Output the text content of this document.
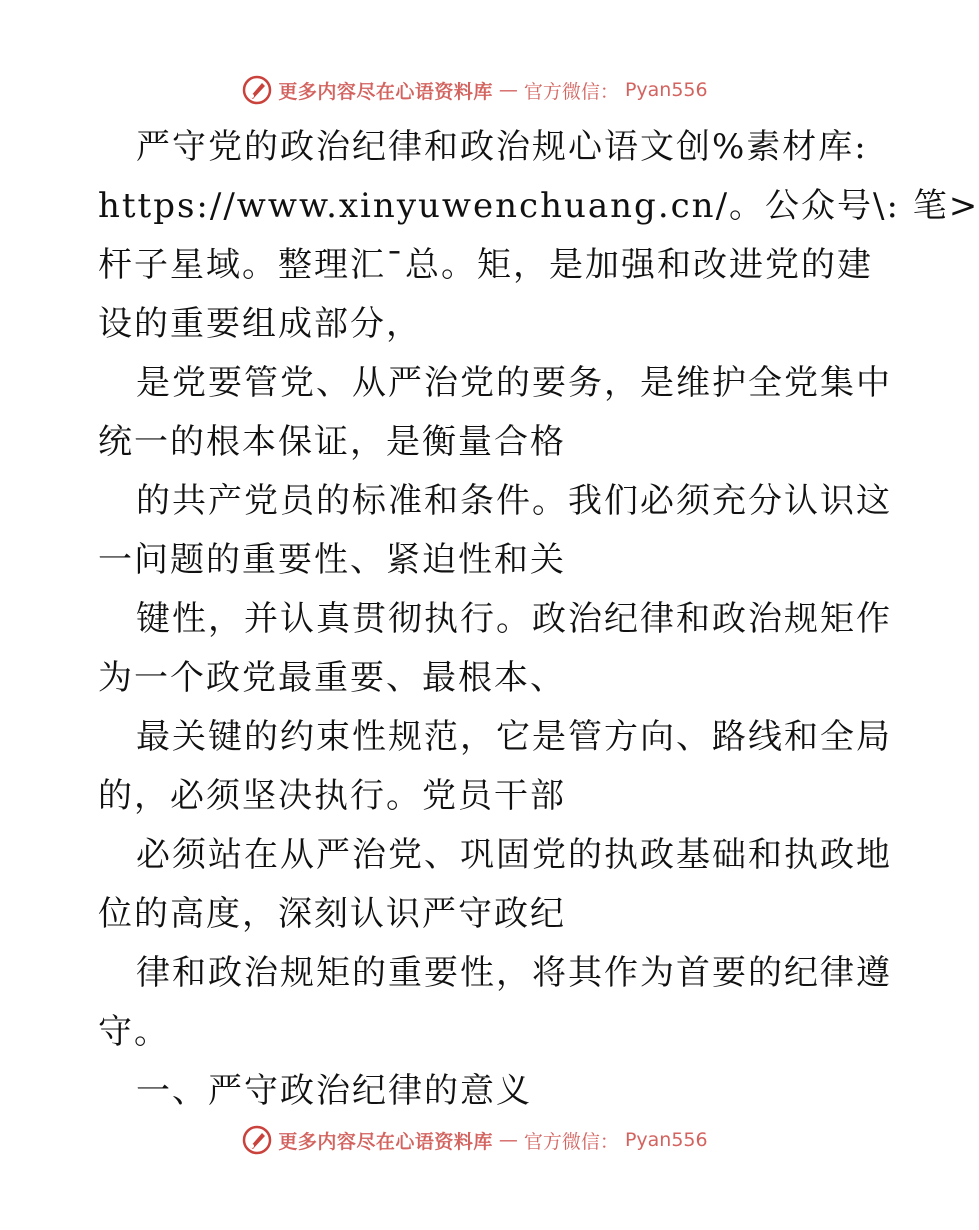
更多内容尽在心语资料库 — 官方微信： Pyan556
严守党的政治纪律和政治规心语文创%素材库:
https://www.xinyuwenchuang.cn/。公众号\: 笔>
杆子星域。整理汇¯总。矩，是加强和改进党的建
设的重要组成部分，
是党要管党、从严治党的要务，是维护全党集中
统一的根本保证，是衡量合格
的共产党员的标准和条件。我们必须充分认识这
一问题的重要性、紧迫性和关
键性，并认真贯彻执行。政治纪律和政治规矩作
为一个政党最重要、最根本、
最关键的约束性规范，它是管方向、路线和全局
的，必须坚决执行。党员干部
必须站在从严治党、巩固党的执政基础和执政地
位的高度，深刻认识严守政纪
律和政治规矩的重要性，将其作为首要的纪律遵
守。
一、严守政治纪律的意义
更多内容尽在心语资料库 — 官方微信： Pyan556
